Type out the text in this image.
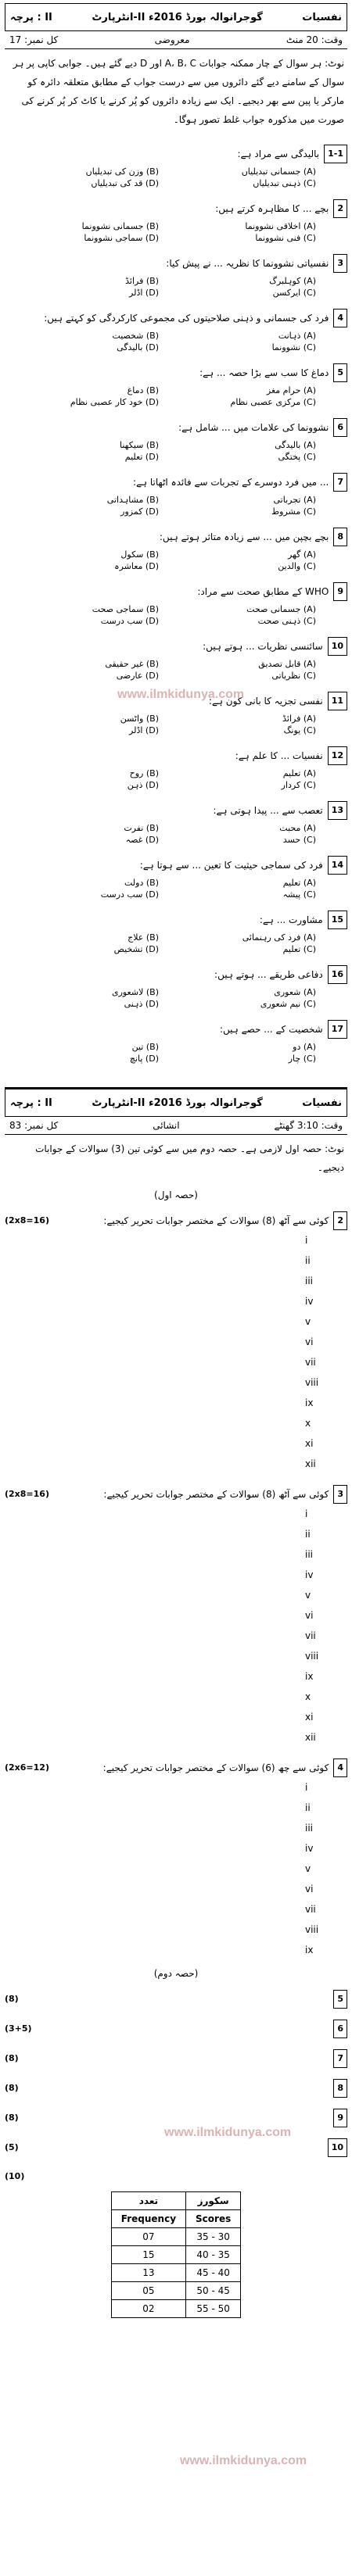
نفسیات
انٹرپارٹ-II گوجرانوالہ بورڈ 2016ء
پرچہ : II
وقت: 20 منٹ
معروضی
کل نمبر: 17
نوٹ: ہر سوال کے چار ممکنہ جوابات A، B، C اور D دیے گئے ہیں۔ جوابی کاپی پر ہر سوال کے سامنے دیے گئے دائروں میں سے درست جواب کے مطابق متعلقہ دائرہ کو مارکر یا پین سے بھر دیجیے۔ ایک سے زیادہ دائروں کو پُر کرنے یا کاٹ کر پُر کرنے کی صورت میں مذکورہ جواب غلط تصور ہوگا۔
1-1
بالیدگی سے مراد ہے:
(A) جسمانی تبدیلیاں
(B) وزن کی تبدیلیاں
(C) ذہنی تبدیلیاں
(D) قد کی تبدیلیاں
2
بچے ... کا مظاہرہ کرتے ہیں:
(A) اخلاقی نشوونما
(B) جسمانی نشوونما
(C) فنی نشوونما
(D) سماجی نشوونما
3
نفسیاتی نشوونما کا نظریہ ... نے پیش کیا:
(A) کوہلبرگ
(B) فرائڈ
(C) ایرکسن
(D) اڈلر
4
فرد کی جسمانی و ذہنی صلاحیتوں کی مجموعی کارکردگی کو کہتے ہیں:
(A) ذہانت
(B) شخصیت
(C) نشوونما
(D) بالیدگی
5
دماغ کا سب سے بڑا حصہ ... ہے:
(A) حرام مغز
(B) دماغ
(C) مرکزی عصبی نظام
(D) خود کار عصبی نظام
6
نشوونما کی علامات میں ... شامل ہے:
(A) بالیدگی
(B) سیکھنا
(C) پختگی
(D) تعلیم
7
... میں فرد دوسرے کے تجربات سے فائدہ اٹھاتا ہے:
(A) تجرباتی
(B) مشاہداتی
(C) مشروط
(D) کمزور
8
بچے بچپن میں ... سے زیادہ متاثر ہوتے ہیں:
(A) گھر
(B) سکول
(C) والدین
(D) معاشرہ
9
WHO کے مطابق صحت سے مراد:
(A) جسمانی صحت
(B) سماجی صحت
(C) ذہنی صحت
(D) سب درست
10
سائنسی نظریات ... ہوتے ہیں:
(A) قابل تصدیق
(B) غیر حقیقی
(C) نظریاتی
(D) عارضی
11
نفسی تجزیہ کا بانی کون ہے:
(A) فرائڈ
(B) واٹسن
(C) یونگ
(D) اڈلر
12
نفسیات ... کا علم ہے:
(A) تعلیم
(B) روح
(C) کردار
(D) ذہن
13
تعصب سے ... پیدا ہوتی ہے:
(A) محبت
(B) نفرت
(C) حسد
(D) غصہ
14
فرد کی سماجی حیثیت کا تعین ... سے ہوتا ہے:
(A) تعلیم
(B) دولت
(C) پیشہ
(D) سب درست
15
مشاورت ... ہے:
(A) فرد کی رہنمائی
(B) علاج
(C) تعلیم
(D) تشخیص
16
دفاعی طریقے ... ہوتے ہیں:
(A) شعوری
(B) لاشعوری
(C) نیم شعوری
(D) ذہنی
17
شخصیت کے ... حصے ہیں:
(A) دو
(B) تین
(C) چار
(D) پانچ
نفسیات
انٹرپارٹ-II گوجرانوالہ بورڈ 2016ء
پرچہ : II
وقت: 3:10 گھنٹے
انشائی
کل نمبر: 83
نوٹ: حصہ اول لازمی ہے۔ حصہ دوم میں سے کوئی تین (3) سوالات کے جوابات دیجیے۔
(حصہ اول)
2
کوئی سے آٹھ (8) سوالات کے مختصر جوابات تحریر کیجیے:
(2x8=16)
i
ii
iii
iv
v
vi
vii
viii
ix
x
xi
xii
3
کوئی سے آٹھ (8) سوالات کے مختصر جوابات تحریر کیجیے:
(2x8=16)
i
ii
iii
iv
v
vi
vii
viii
ix
x
xi
xii
4
کوئی سے چھ (6) سوالات کے مختصر جوابات تحریر کیجیے:
(2x6=12)
i
ii
iii
iv
v
vi
vii
viii
ix
(حصہ دوم)
5
(8)
6
(3+5)
7
(8)
8
(8)
9
(8)
10
(5)
(10)
سکورز	تعدد
Scores	Frequency
30 - 35	07
35 - 40	15
40 - 45	13
45 - 50	05
50 - 55	02
www.ilmkidunya.com
www.ilmkidunya.com
www.ilmkidunya.com
